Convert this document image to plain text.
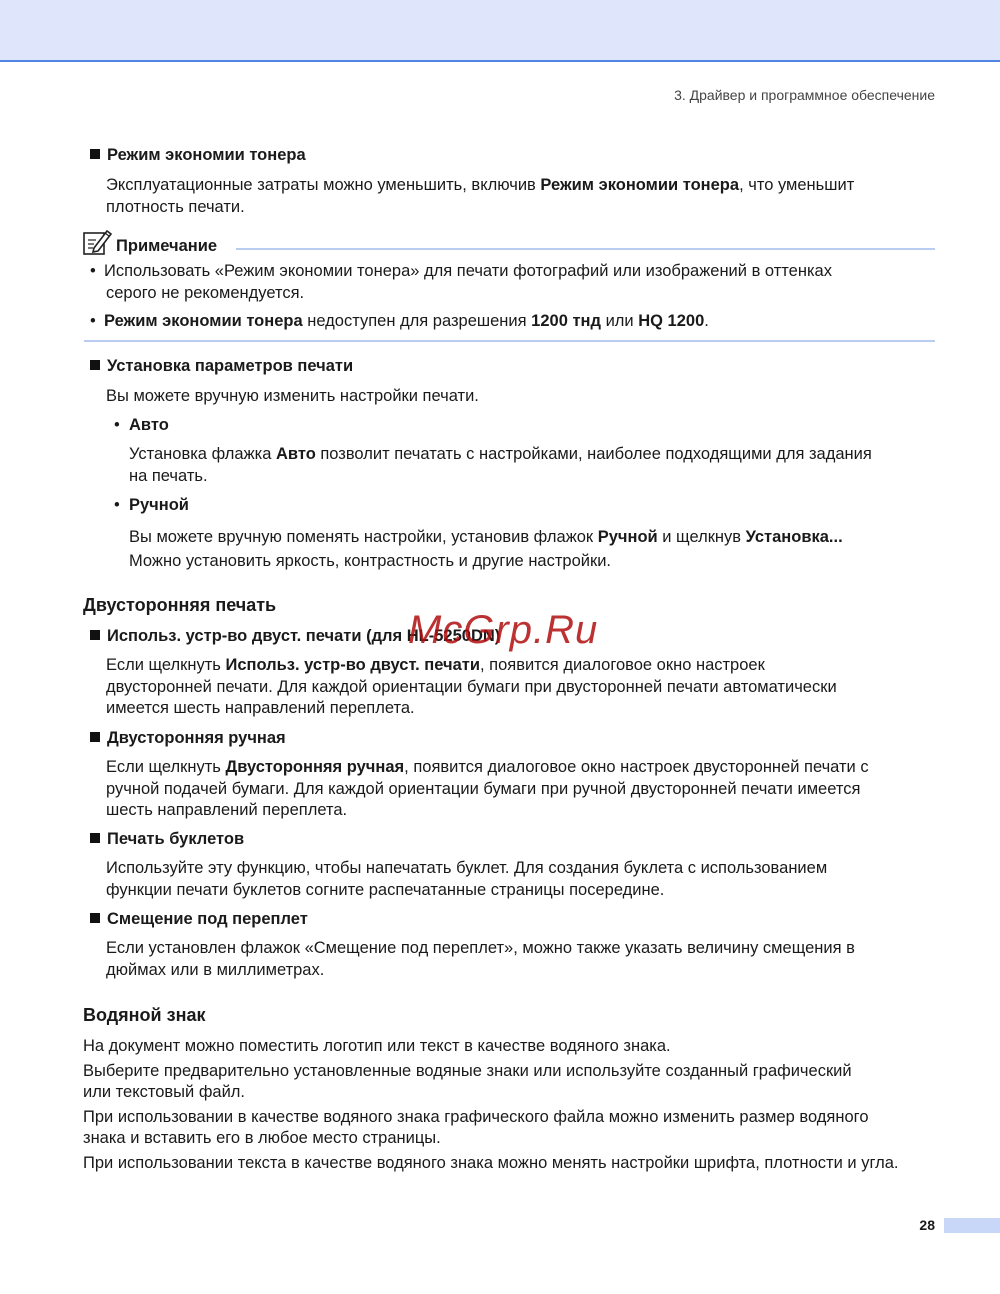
3. Драйвер и программное обеспечение
Режим экономии тонера
Эксплуатационные затраты можно уменьшить, включив Режим экономии тонера, что уменьшит
плотность печати.
Примечание
• Использовать «Режим экономии тонера» для печати фотографий или изображений в оттенках
серого не рекомендуется.
• Режим экономии тонера недоступен для разрешения 1200 тнд или HQ 1200.
Установка параметров печати
Вы можете вручную изменить настройки печати.
• Авто
Установка флажка Авто позволит печатать с настройками, наиболее подходящими для задания
на печать.
• Ручной
Вы можете вручную поменять настройки, установив флажок Ручной и щелкнув Установка...
Можно установить яркость, контрастность и другие настройки.
Двусторонняя печать
Использ. устр-во двуст. печати (для HL-5250DN)
Если щелкнуть Использ. устр-во двуст. печати, появится диалоговое окно настроек
двусторонней печати. Для каждой ориентации бумаги при двусторонней печати автоматически
имеется шесть направлений переплета.
Двусторонняя ручная
Если щелкнуть Двусторонняя ручная, появится диалоговое окно настроек двусторонней печати с
ручной подачей бумаги. Для каждой ориентации бумаги при ручной двусторонней печати имеется
шесть направлений переплета.
Печать буклетов
Используйте эту функцию, чтобы напечатать буклет. Для создания буклета с использованием
функции печати буклетов согните распечатанные страницы посередине.
Смещение под переплет
Если установлен флажок «Смещение под переплет», можно также указать величину смещения в
дюймах или в миллиметрах.
Водяной знак
На документ можно поместить логотип или текст в качестве водяного знака.
Выберите предварительно установленные водяные знаки или используйте созданный графический
или текстовый файл.
При использовании в качестве водяного знака графического файла можно изменить размер водяного
знака и вставить его в любое место страницы.
При использовании текста в качестве водяного знака можно менять настройки шрифта, плотности и угла.
McGrp.Ru
28
